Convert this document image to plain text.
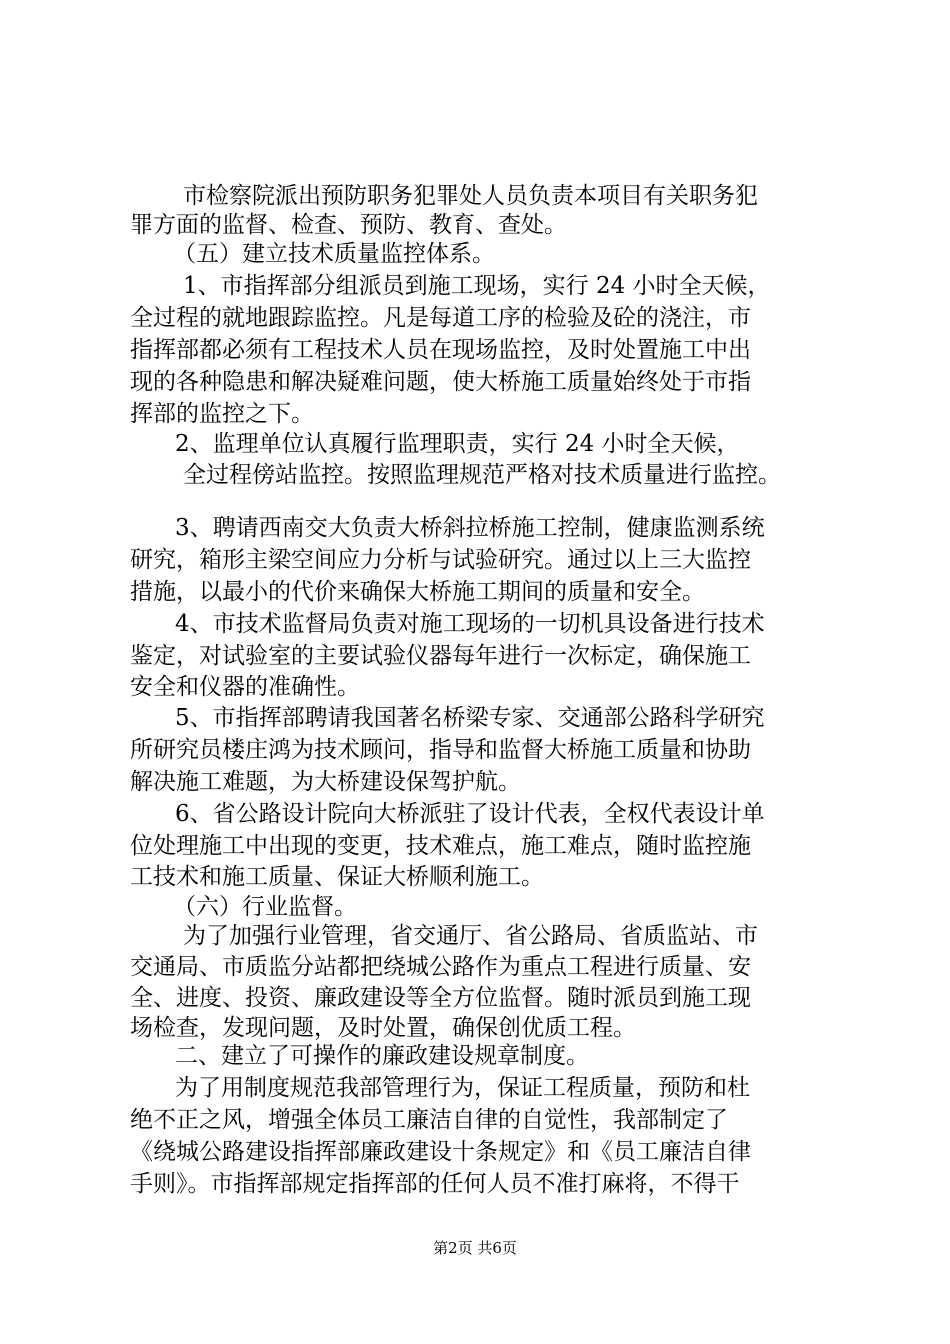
市检察院派出预防职务犯罪处人员负责本项目有关职务犯
罪方面的监督、检查、预防、教育、查处。
（五）建立技术质量监控体系。
1、市指挥部分组派员到施工现场，实行 24 小时全天候，
全过程的就地跟踪监控。凡是每道工序的检验及砼的浇注，市
指挥部都必须有工程技术人员在现场监控，及时处置施工中出
现的各种隐患和解决疑难问题，使大桥施工质量始终处于市指
挥部的监控之下。
2、监理单位认真履行监理职责，实行 24 小时全天候，
全过程傍站监控。按照监理规范严格对技术质量进行监控。
3、聘请西南交大负责大桥斜拉桥施工控制，健康监测系统
研究，箱形主梁空间应力分析与试验研究。通过以上三大监控
措施，以最小的代价来确保大桥施工期间的质量和安全。
4、市技术监督局负责对施工现场的一切机具设备进行技术
鉴定，对试验室的主要试验仪器每年进行一次标定，确保施工
安全和仪器的准确性。
5、市指挥部聘请我国著名桥梁专家、交通部公路科学研究
所研究员楼庄鸿为技术顾问，指导和监督大桥施工质量和协助
解决施工难题，为大桥建设保驾护航。
6、省公路设计院向大桥派驻了设计代表，全权代表设计单
位处理施工中出现的变更，技术难点，施工难点，随时监控施
工技术和施工质量、保证大桥顺利施工。
（六）行业监督。
为了加强行业管理，省交通厅、省公路局、省质监站、市
交通局、市质监分站都把绕城公路作为重点工程进行质量、安
全、进度、投资、廉政建设等全方位监督。随时派员到施工现
场检查，发现问题，及时处置，确保创优质工程。
二、建立了可操作的廉政建设规章制度。
为了用制度规范我部管理行为，保证工程质量，预防和杜
绝不正之风，增强全体员工廉洁自律的自觉性，我部制定了
《绕城公路建设指挥部廉政建设十条规定》和《员工廉洁自律
手则》。市指挥部规定指挥部的任何人员不准打麻将，不得干
第2页 共6页
